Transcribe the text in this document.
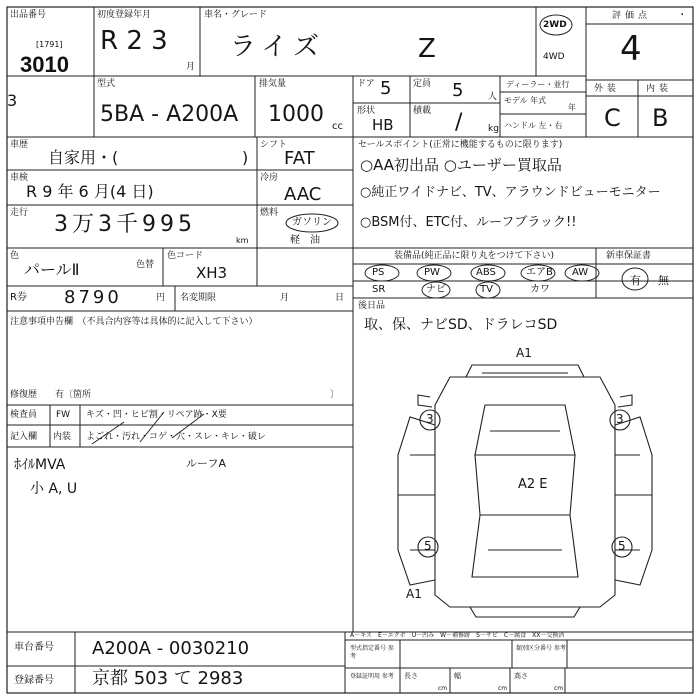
出品番号
[1791]
3010
3
初度登録年月
R 2 3
月
車名・グレード
ライズ	Z
2WD
4WD
評価点 .
4
型式
5BA - A200A
排気量
1000 cc
ドア 5 定員 5	人
形状
HB
積載 /	kg
ディーラー・並行
モデル 年式
年
ハンドル 左・右
外装	内装
C B
車歴
自家用・(	)
シフト
FAT
車検
R 9 年 6 月(4 日)
冷房
AAC
走行 3万3千995
km
燃料
ガソリン
軽　油
色
パールⅡ	色替
色コード
XH3
R券 8790	円 名変期限	月	日
注意事項申告欄　（不具合内容等は具体的に記入して下さい）
修復歴　　有〔箇所	〕
検査員
記入欄
FW キズ・凹・ヒビ割・リペア跡・X要
内装 よごれ・汚れ・コゲ・穴・スレ・キレ・破レ
ﾎｲﾙMVA
小 A, U
ルーフA
セールスポイント(正常に機能するものに限ります)
○AA初出品 ○ユーザー買取品
○純正ワイドナビ、TV、アラウンドビューモニター
○BSM付、ETC付、ルーフブラック!!
装備品(純正品に限り丸をつけて下さい)	新車保証書
PS	PW	ABS	エアB AW
SR	ナビ	TV	カワ
有 無
後日品
取、保、ナビSD、ドラレコSD
A1
A2 E
3	3
5	5
A1
A－キズ　E－エクボ　U－凹み　W－補修跡　S－サビ　C－腐食　XX－交換済
車台番号 A200A - 0030210
登録番号 京都 503 て 2983
型式指定番号 参考
類別区分番号 参考
登録証明用 参考	長さ	幅	高さ
cm	cm	cm
